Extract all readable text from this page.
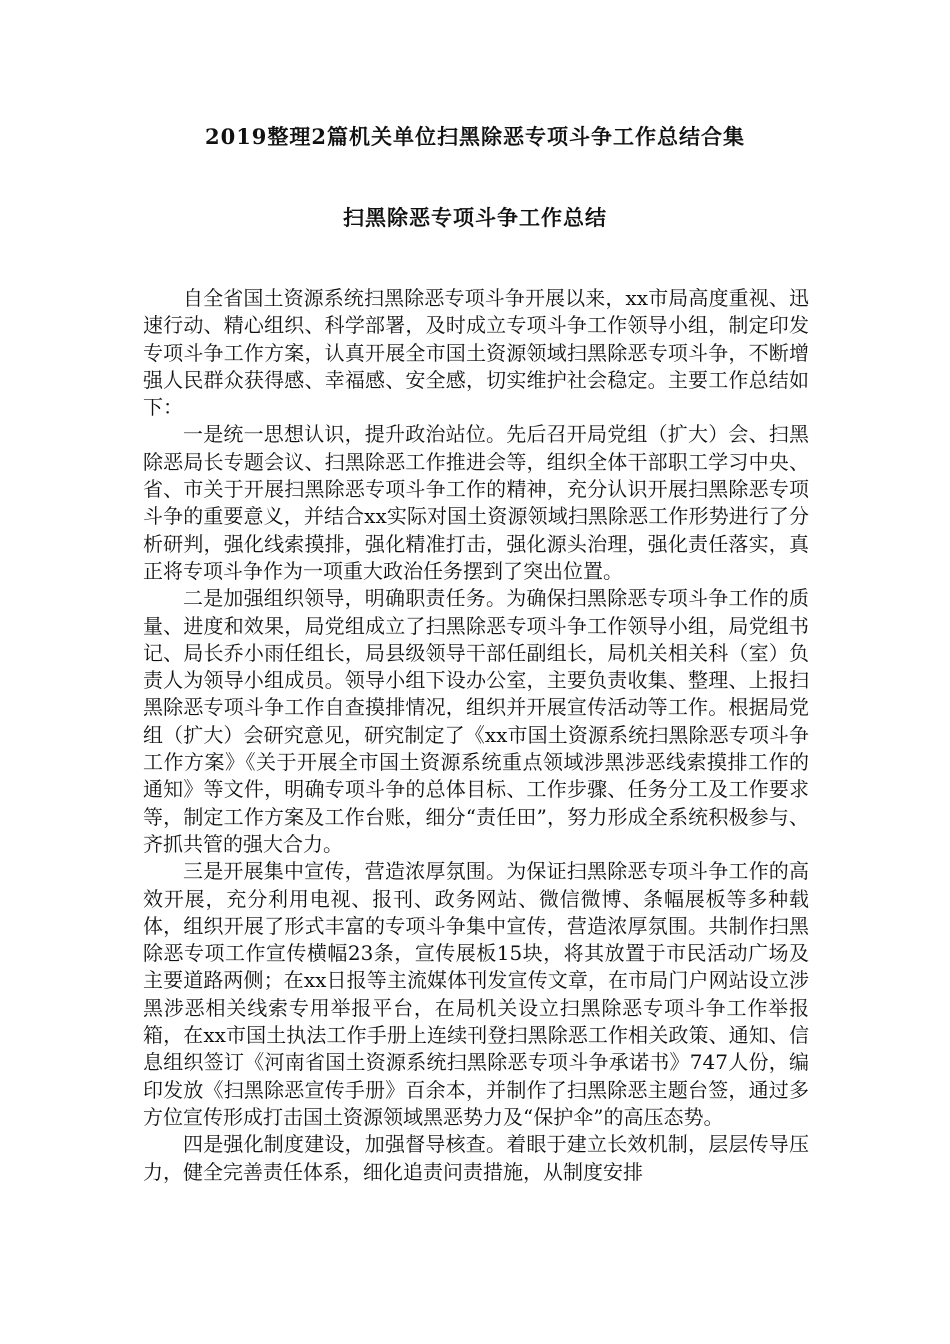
2019整理2篇机关单位扫黑除恶专项斗争工作总结合集
扫黑除恶专项斗争工作总结

自全省国土资源系统扫黑除恶专项斗争开展以来，xx市局高度重视、迅速行动、精心组织、科学部署，及时成立专项斗争工作领导小组，制定印发专项斗争工作方案，认真开展全市国土资源领域扫黑除恶专项斗争，不断增强人民群众获得感、幸福感、安全感，切实维护社会稳定。主要工作总结如下：

一是统一思想认识，提升政治站位。先后召开局党组（扩大）会、扫黑除恶局长专题会议、扫黑除恶工作推进会等，组织全体干部职工学习中央、省、市关于开展扫黑除恶专项斗争工作的精神，充分认识开展扫黑除恶专项斗争的重要意义，并结合xx实际对国土资源领域扫黑除恶工作形势进行了分析研判，强化线索摸排，强化精准打击，强化源头治理，强化责任落实，真正将专项斗争作为一项重大政治任务摆到了突出位置。

二是加强组织领导，明确职责任务。为确保扫黑除恶专项斗争工作的质量、进度和效果，局党组成立了扫黑除恶专项斗争工作领导小组，局党组书记、局长乔小雨任组长，局县级领导干部任副组长，局机关相关科（室）负责人为领导小组成员。领导小组下设办公室，主要负责收集、整理、上报扫黑除恶专项斗争工作自查摸排情况，组织并开展宣传活动等工作。根据局党组（扩大）会研究意见，研究制定了《xx市国土资源系统扫黑除恶专项斗争工作方案》《关于开展全市国土资源系统重点领域涉黑涉恶线索摸排工作的通知》等文件，明确专项斗争的总体目标、工作步骤、任务分工及工作要求等，制定工作方案及工作台账，细分“责任田”，努力形成全系统积极参与、齐抓共管的强大合力。

三是开展集中宣传，营造浓厚氛围。为保证扫黑除恶专项斗争工作的高效开展，充分利用电视、报刊、政务网站、微信微博、条幅展板等多种载体，组织开展了形式丰富的专项斗争集中宣传，营造浓厚氛围。共制作扫黑除恶专项工作宣传横幅23条，宣传展板15块，将其放置于市民活动广场及主要道路两侧；在xx日报等主流媒体刊发宣传文章，在市局门户网站设立涉黑涉恶相关线索专用举报平台，在局机关设立扫黑除恶专项斗争工作举报箱，在xx市国土执法工作手册上连续刊登扫黑除恶工作相关政策、通知、信息组织签订《河南省国土资源系统扫黑除恶专项斗争承诺书》747人份，编印发放《扫黑除恶宣传手册》百余本，并制作了扫黑除恶主题台签，通过多方位宣传形成打击国土资源领域黑恶势力及“保护伞”的高压态势。

四是强化制度建设，加强督导核查。着眼于建立长效机制，层层传导压力，健全完善责任体系，细化追责问责措施，从制度安排
